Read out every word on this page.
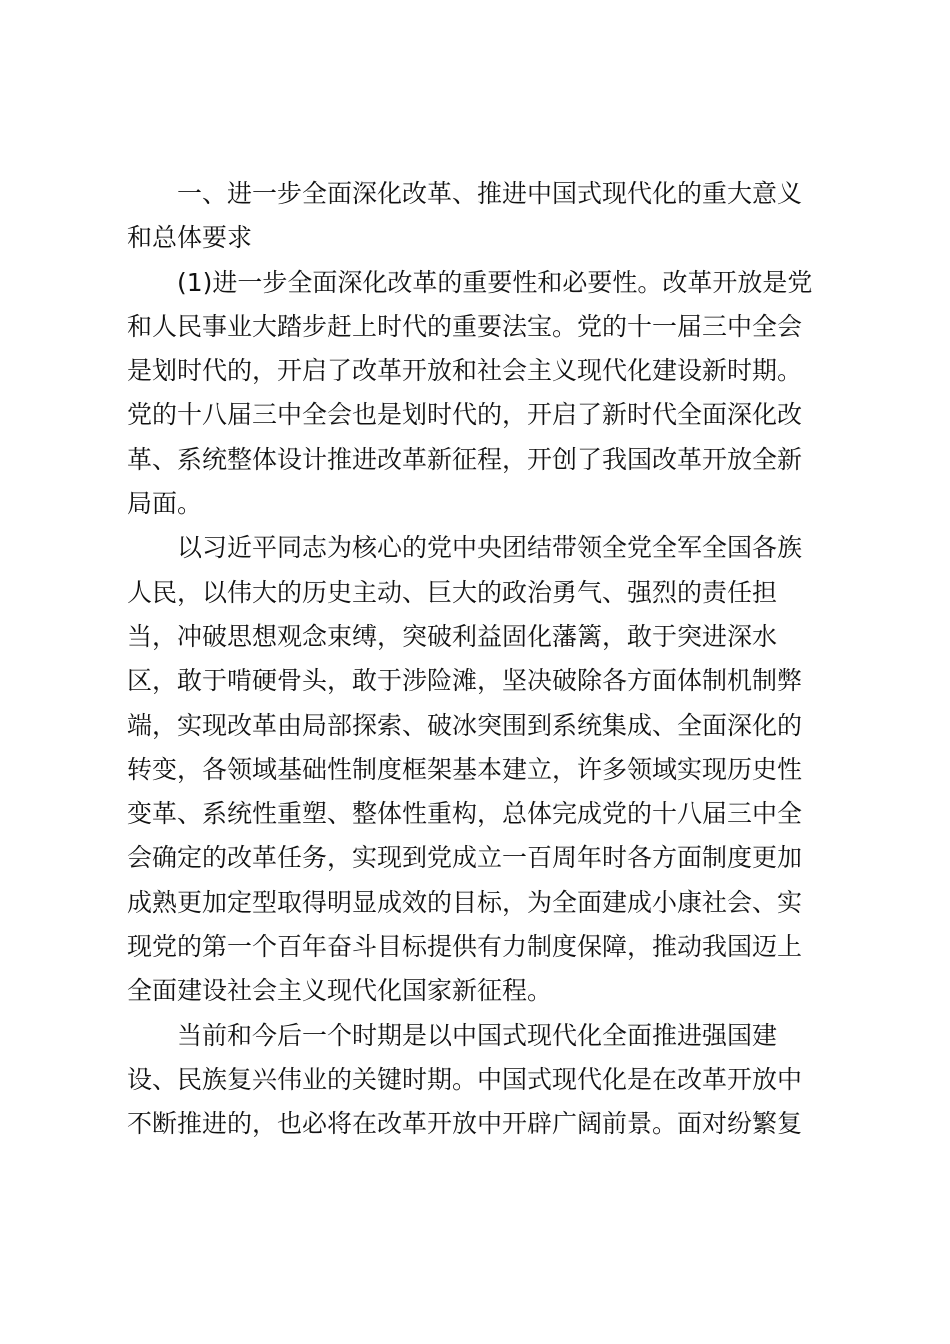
一、进一步全面深化改革、推进中国式现代化的重大意义
和总体要求
(1)进一步全面深化改革的重要性和必要性。改革开放是党
和人民事业大踏步赶上时代的重要法宝。党的十一届三中全会
是划时代的，开启了改革开放和社会主义现代化建设新时期。
党的十八届三中全会也是划时代的，开启了新时代全面深化改
革、系统整体设计推进改革新征程，开创了我国改革开放全新
局面。
以习近平同志为核心的党中央团结带领全党全军全国各族
人民，以伟大的历史主动、巨大的政治勇气、强烈的责任担
当，冲破思想观念束缚，突破利益固化藩篱，敢于突进深水
区，敢于啃硬骨头，敢于涉险滩，坚决破除各方面体制机制弊
端，实现改革由局部探索、破冰突围到系统集成、全面深化的
转变，各领域基础性制度框架基本建立，许多领域实现历史性
变革、系统性重塑、整体性重构，总体完成党的十八届三中全
会确定的改革任务，实现到党成立一百周年时各方面制度更加
成熟更加定型取得明显成效的目标，为全面建成小康社会、实
现党的第一个百年奋斗目标提供有力制度保障，推动我国迈上
全面建设社会主义现代化国家新征程。
当前和今后一个时期是以中国式现代化全面推进强国建
设、民族复兴伟业的关键时期。中国式现代化是在改革开放中
不断推进的，也必将在改革开放中开辟广阔前景。面对纷繁复
